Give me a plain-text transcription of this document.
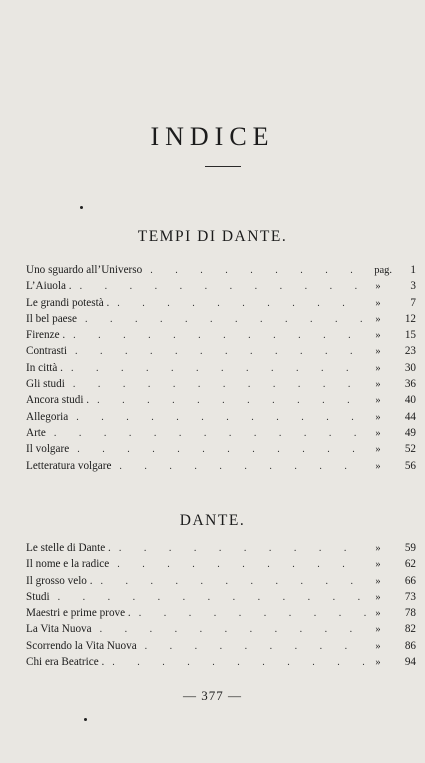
INDICE
TEMPI DI DANTE.
Uno sguardo all’Universo . . .	pag.	1
L’Aiuola . . . .	»	3
Le grandi potestà . . . .	»	7
Il bel paese . . .	»	12
Firenze . . . .	»	15
Contrasti . . .	»	23
In città . . . .	»	30
Gli studi . . .	»	36
Ancora studi . . . .	»	40
Allegoria . . .	»	44
Arte . . .	»	49
Il volgare . . .	»	52
Letteratura volgare . . .	»	56
DANTE.
Le stelle di Dante . . . .	»	59
Il nome e la radice . . .	»	62
Il grosso velo . . . .	»	66
Studi . . .	»	73
Maestri e prime prove . . . .	»	78
La Vita Nuova . . .	»	82
Scorrendo la Vita Nuova . . .	»	86
Chi era Beatrice . . . .	»	94
— 377 —
